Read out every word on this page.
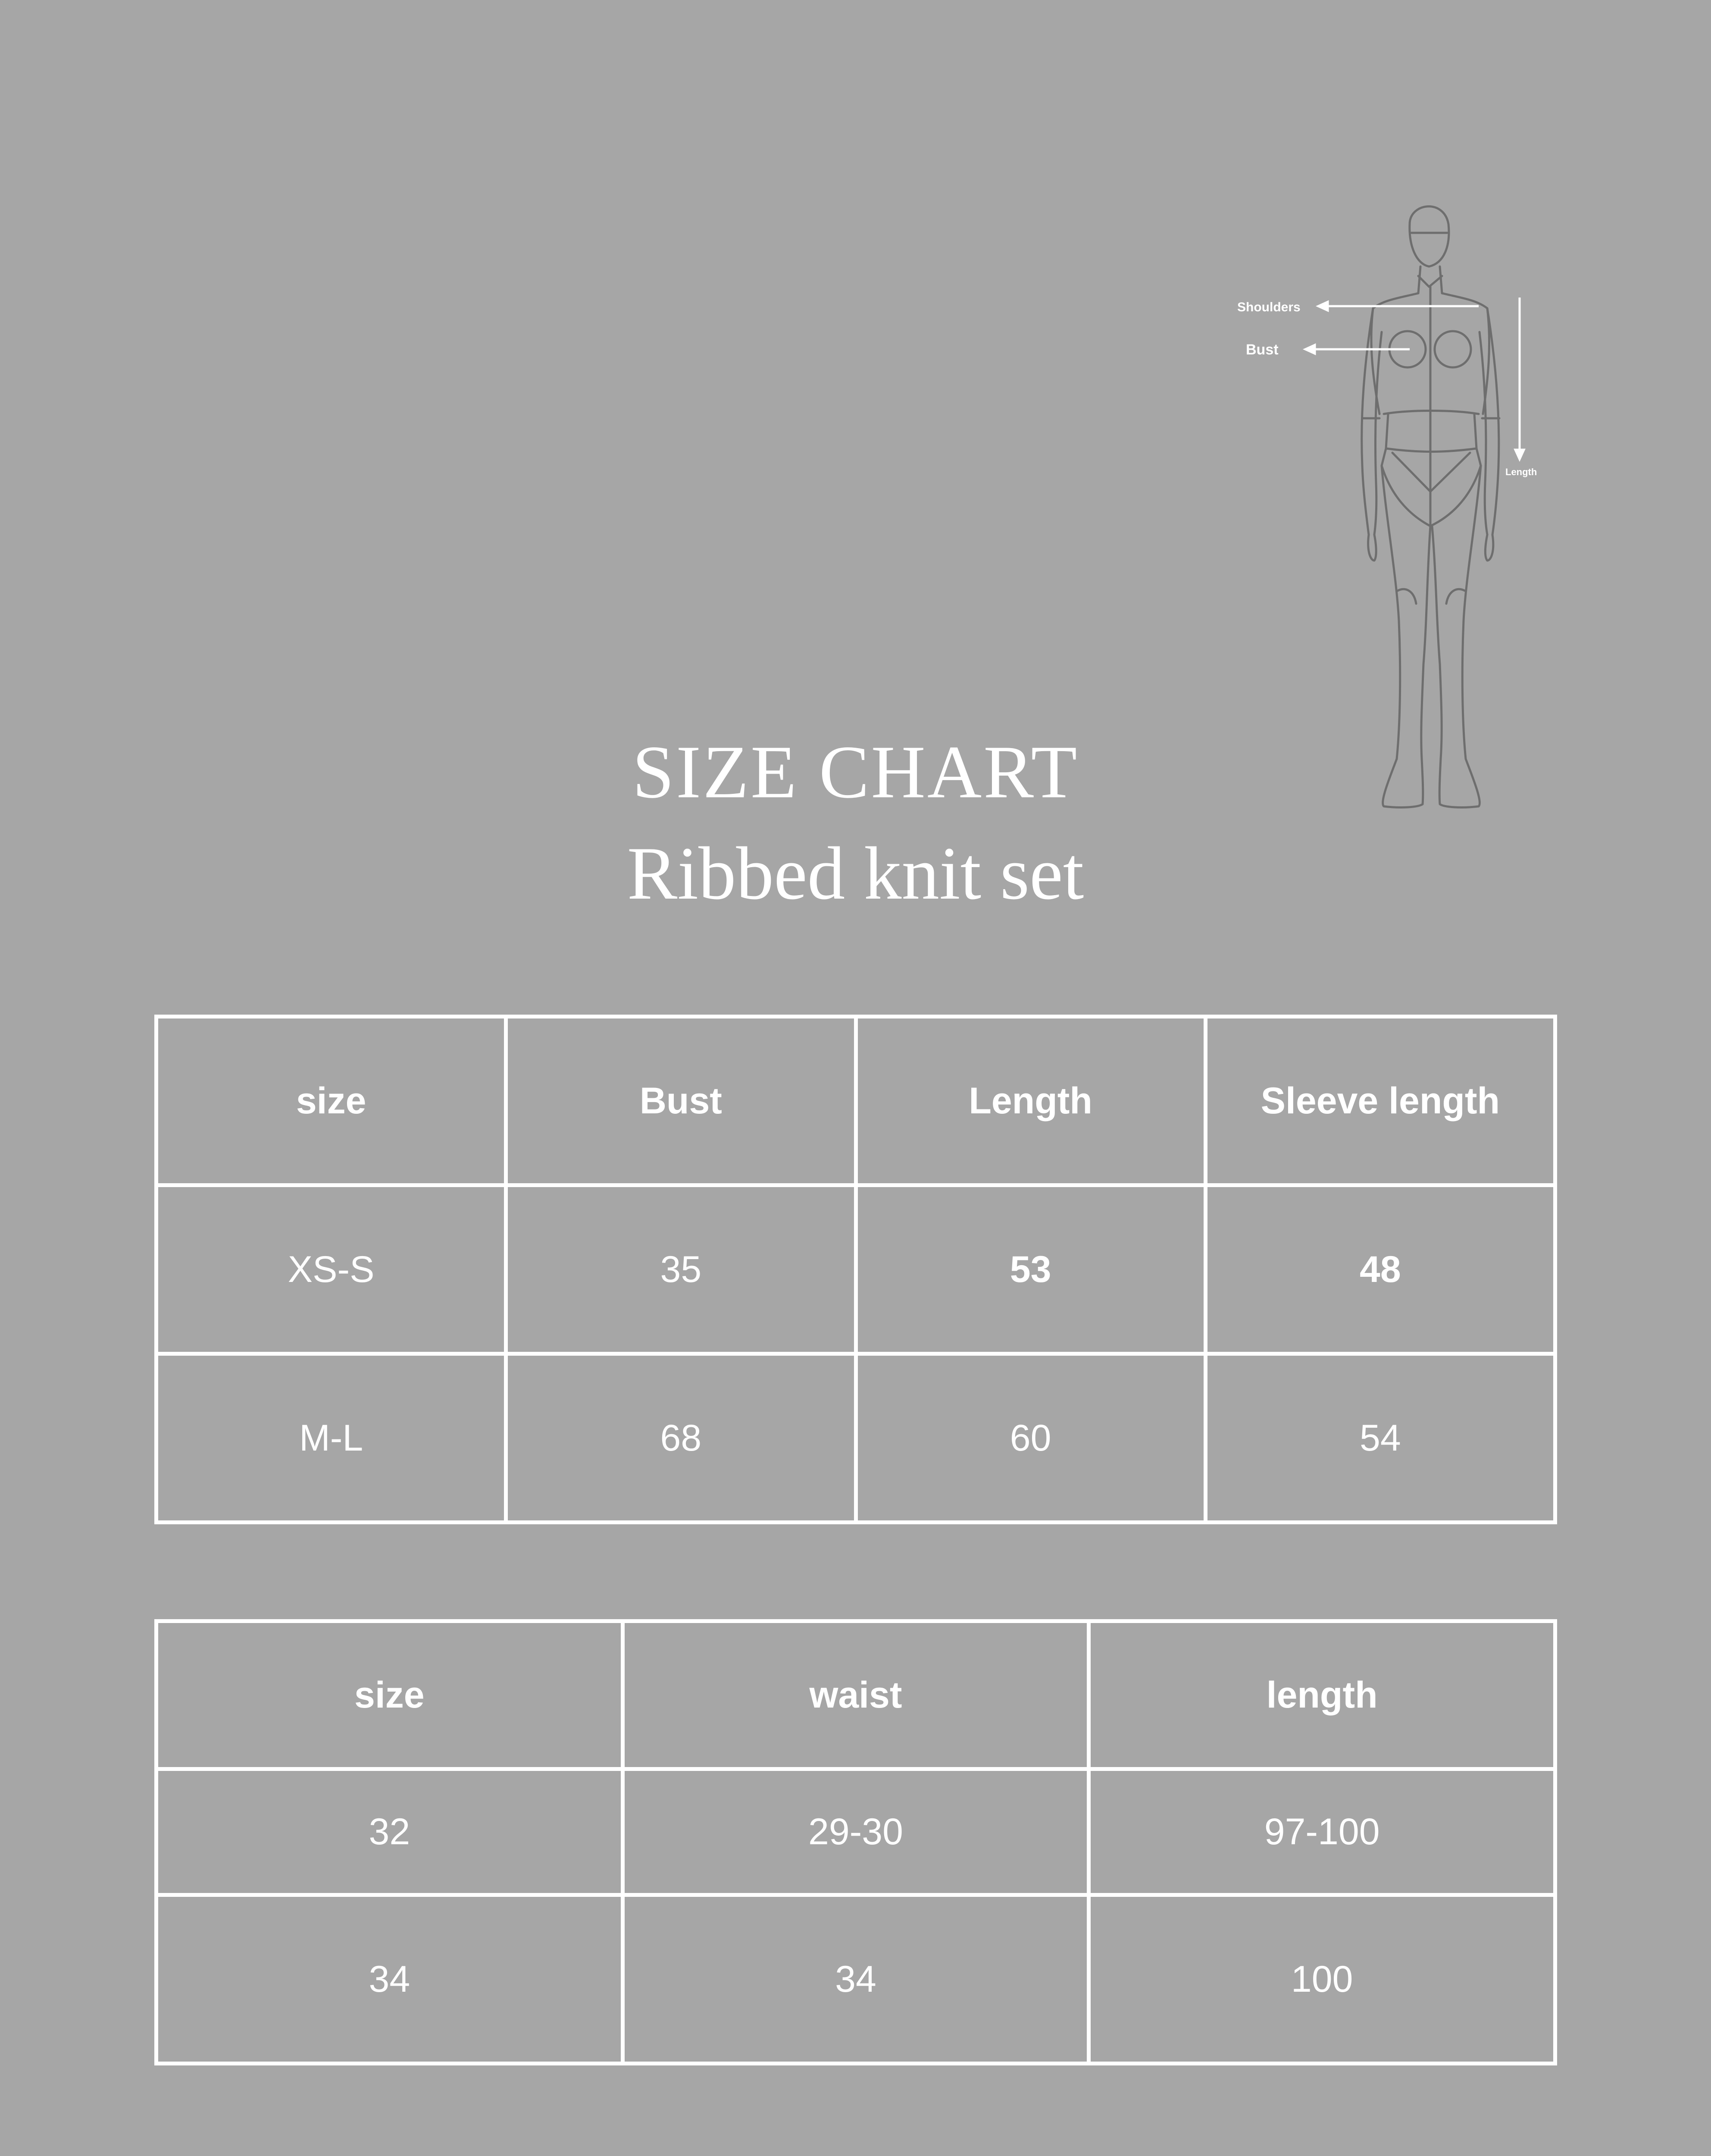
Shoulders
Bust
Length
SIZE CHART
Ribbed knit set
size	Bust	Length	Sleeve length
XS-S	35	53	48
M-L	68	60	54
size	waist	length
32	29-30	97-100
34	34	100
